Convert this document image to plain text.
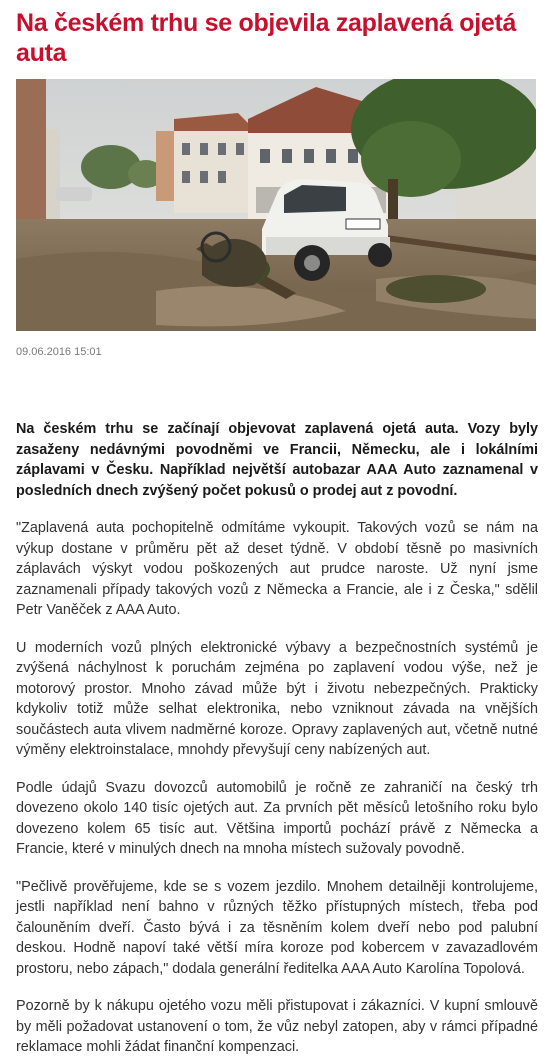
Na českém trhu se objevila zaplavená ojetá auta
09.06.2016 15:01

Na českém trhu se začínají objevovat zaplavená ojetá auta. Vozy byly zasaženy nedávnými povodněmi ve Francii, Německu, ale i lokálními záplavami v Česku. Například největší autobazar AAA Auto zaznamenal v posledních dnech zvýšený počet pokusů o prodej aut z povodní.

"Zaplavená auta pochopitelně odmítáme vykoupit. Takových vozů se nám na výkup dostane v průměru pět až deset týdně. V období těsně po masivních záplavách výskyt vodou poškozených aut prudce naroste. Už nyní jsme zaznamenali případy takových vozů z Německa a Francie, ale i z Česka," sdělil Petr Vaněček z AAA Auto.

U moderních vozů plných elektronické výbavy a bezpečnostních systémů je zvýšená náchylnost k poruchám zejména po zaplavení vodou výše, než je motorový prostor. Mnoho závad může být i životu nebezpečných. Prakticky kdykoliv totiž může selhat elektronika, nebo vzniknout závada na vnějších součástech auta vlivem nadměrné koroze. Opravy zaplavených aut, včetně nutné výměny elektroinstalace, mnohdy převyšují ceny nabízených aut.

Podle údajů Svazu dovozců automobilů je ročně ze zahraničí na český trh dovezeno okolo 140 tisíc ojetých aut. Za prvních pět měsíců letošního roku bylo dovezeno kolem 65 tisíc aut. Většina importů pochází právě z Německa a Francie, které v minulých dnech na mnoha místech sužovaly povodně.

"Pečlivě prověřujeme, kde se s vozem jezdilo. Mnohem detailněji kontrolujeme, jestli například není bahno v různých těžko přístupných místech, třeba pod čalouněním dveří. Často bývá i za těsněním kolem dveří nebo pod palubní deskou. Hodně napoví také větší míra koroze pod kobercem v zavazadlovém prostoru, nebo zápach," dodala generální ředitelka AAA Auto Karolína Topolová.

Pozorně by k nákupu ojetého vozu měli přistupovat i zákazníci. V kupní smlouvě by měli požadovat ustanovení o tom, že vůz nebyl zatopen, aby v rámci případné reklamace mohli žádat finanční kompenzaci.
